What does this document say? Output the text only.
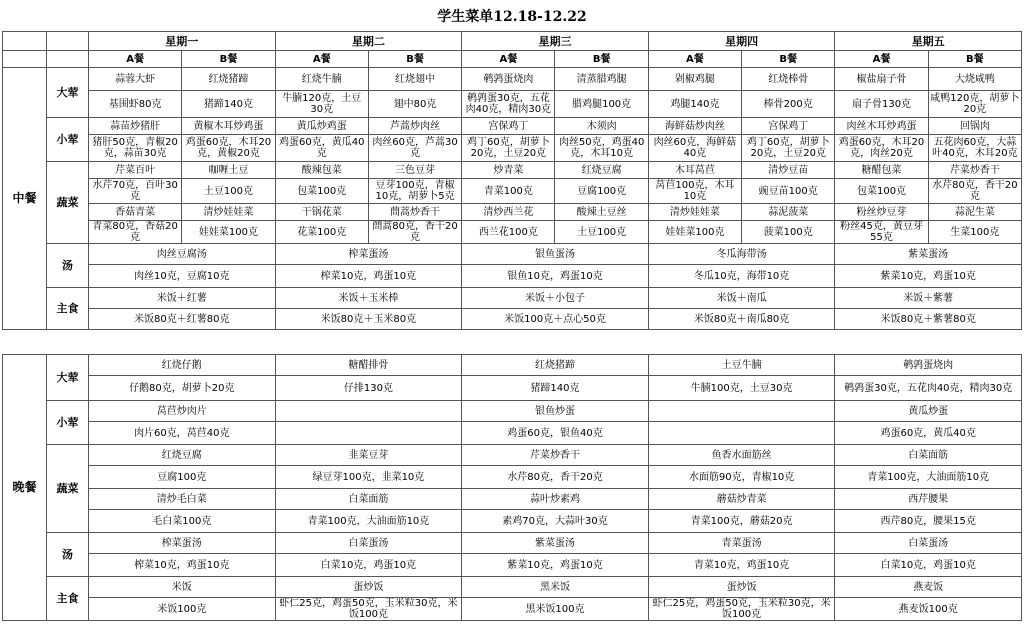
学生菜单12.18-12.22
		星期一		星期二		星期三		星期四		星期五	
		A餐	B餐	A餐	B餐	A餐	B餐	A餐	B餐	A餐	B餐
中餐	大荤	蒜蓉大虾	红烧猪蹄	红烧牛腩	红烧翅中	鹌鹑蛋烧肉	清蒸腊鸡腿	剁椒鸡腿	红烧棒骨	椒盐扇子骨	大烧咸鸭
		基围虾80克	猪蹄140克	牛腩120克，土豆30克	翅中80克	鹌鹑蛋30克，五花肉40克，精肉30克	腊鸡腿100克	鸡腿140克	棒骨200克	扇子骨130克	咸鸭120克，胡萝卜20克
	小荤	蒜苗炒猪肝	黄椒木耳炒鸡蛋	黄瓜炒鸡蛋	芦蒿炒肉丝	宫保鸡丁	木须肉	海鲜菇炒肉丝	宫保鸡丁	肉丝木耳炒鸡蛋	回锅肉
		猪肝50克，青椒20克，蒜苗30克	鸡蛋60克，木耳20克，黄椒20克	鸡蛋60克，黄瓜40克	肉丝60克，芦蒿30克	鸡丁60克，胡萝卜20克，土豆20克	肉丝50克，鸡蛋40克，木耳10克	肉丝60克，海鲜菇40克	鸡丁60克，胡萝卜20克，土豆20克	鸡蛋60克，木耳20克，肉丝20克	五花肉60克，大蒜叶40克，木耳20克
	蔬菜	芹菜百叶	咖喱土豆	酸辣包菜	三色豆芽	炒青菜	红烧豆腐	木耳莴苣	清炒豆苗	糖醋包菜	芹菜炒香干
		水芹70克，百叶30克	土豆100克	包菜100克	豆芽100克，青椒10克，胡萝卜5克	青菜100克	豆腐100克	莴苣100克，木耳10克	豌豆苗100克	包菜100克	水芹80克，香干20克
		香菇青菜	清炒娃娃菜	干锅花菜	蔄蒿炒香干	清炒西兰花	酸辣土豆丝	清炒娃娃菜	蒜泥菠菜	粉丝炒豆芽	蒜泥生菜
		青菜80克，香菇20克	娃娃菜100克	花菜100克	蔄蒿80克，香干20克	西兰花100克	土豆100克	娃娃菜100克	菠菜100克	粉丝45克，黄豆芽55克	生菜100克
	汤	肉丝豆腐汤		榨菜蛋汤		银鱼蛋汤		冬瓜海带汤		紫菜蛋汤	
		肉丝10克，豆腐10克		榨菜10克，鸡蛋10克		银鱼10克，鸡蛋10克		冬瓜10克，海带10克		紫菜10克，鸡蛋10克	
	主食	米饭＋红薯		米饭＋玉米棒		米饭＋小包子		米饭＋南瓜		米饭＋紫薯	
		米饭80克＋红薯80克		米饭80克＋玉米80克		米饭100克＋点心50克		米饭80克＋南瓜80克		米饭80克＋紫薯80克	
晚餐	大荤	红烧仔鹅	糖醋排骨	红烧猪蹄	土豆牛腩	鹌鹑蛋烧肉
		仔鹅80克，胡萝卜20克	仔排130克	猪蹄140克	牛腩100克，土豆30克	鹌鹑蛋30克，五花肉40克，精肉30克
	小荤	莴苣炒肉片		银鱼炒蛋		黄瓜炒蛋
		肉片60克，莴苣40克		鸡蛋60克，银鱼40克		鸡蛋60克，黄瓜40克
	蔬菜	红烧豆腐	韭菜豆芽	芹菜炒香干	鱼香水面筋丝	白菜面筋
		豆腐100克	绿豆芽100克，韭菜10克	水芹80克，香干20克	水面筋90克，青椒10克	青菜100克，大油面筋10克
		清炒毛白菜	白菜面筋	蒜叶炒素鸡	蘑菇炒青菜	西芹腰果
		毛白菜100克	青菜100克，大油面筋10克	素鸡70克，大蒜叶30克	青菜100克，蘑菇20克	西芹80克，腰果15克
	汤	榨菜蛋汤	白菜蛋汤	紫菜蛋汤	青菜蛋汤	白菜蛋汤
		榨菜10克，鸡蛋10克	白菜10克，鸡蛋10克	紫菜10克，鸡蛋10克	青菜10克，鸡蛋10克	白菜10克，鸡蛋10克
	主食	米饭	蛋炒饭	黑米饭	蛋炒饭	燕麦饭
		米饭100克	虾仁25克，鸡蛋50克，玉米粒30克，米饭100克	黑米饭100克	虾仁25克，鸡蛋50克，玉米粒30克，米饭100克	燕麦饭100克
